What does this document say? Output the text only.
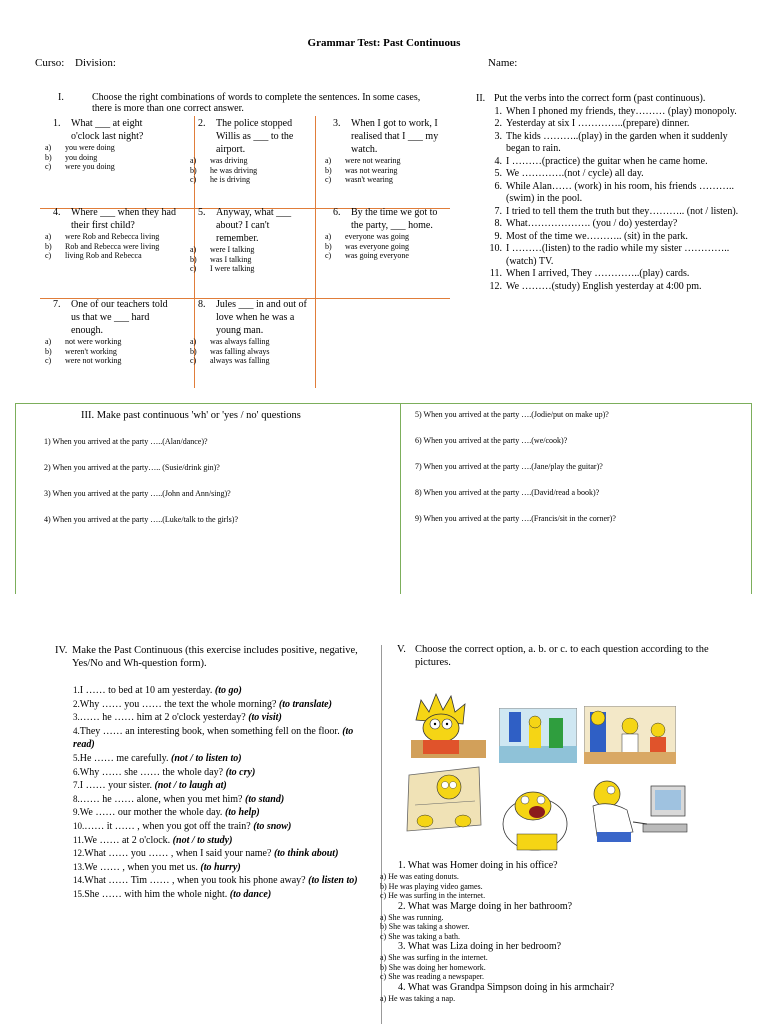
Grammar Test: Past Continuous
Curso: Division:	Name:
I.	Choose the right combinations of words to complete the sentences. In some cases, there is more than one correct answer.
1.	What ___ at eight o'clock last night?
a)	you were doing
b)	you doing
c)	were you doing
2.	The police stopped Willis as ___ to the airport.
a)	was driving
b)	he was driving
c)	he is driving
3.	When I got to work, I realised that I ___ my watch.
a)	were not wearing
b)	was not wearing
c)	wasn't wearing
4.	Where ___ when they had their first child?
a)	were Rob and Rebecca living
b)	Rob and Rebecca were living
c)	living Rob and Rebecca
5.	Anyway, what ___ about? I can't remember.
a)	were I talking
b)	was I talking
c)	I were talking
6.	By the time we got to the party, ___ home.
a)	everyone was going
b)	was everyone going
c)	was going everyone
7.	One of our teachers told us that we ___ hard enough.
a)	not were working
b)	weren't working
c)	were not working
8.	Jules ___ in and out of love when he was a young man.
a)	was always falling
b)	was falling always
c)	always was falling
II. Put the verbs into the correct form (past continuous).
1. When I phoned my friends, they……… (play) monopoly.
2. Yesterday at six I …………..(prepare) dinner.
3. The kids ………..(play) in the garden when it suddenly began to rain.
4. I ………(practice) the guitar when he came home.
5. We ………….(not / cycle) all day.
6. While Alan…… (work) in his room, his friends ………..(swim) in the pool.
7. I tried to tell them the truth but they……….. (not / listen).
8. What………………. (you / do) yesterday?
9. Most of the time we……….. (sit) in the park.
10. I ………(listen) to the radio while my sister …………..(watch) TV.
11. When I arrived, They …………..(play) cards.
12. We ………(study) English yesterday at 4:00 pm.
III. Make past continuous 'wh' or 'yes / no' questions
1) When you arrived at the party …..(Alan/dance)?
2) When you arrived at the party….. (Susie/drink gin)?
3) When you arrived at the party …..(John and Ann/sing)?
4) When you arrived at the party …..(Luke/talk to the girls)?
5) When you arrived at the party ….(Jodie/put on make up)?
6) When you arrived at the party ….(we/cook)?
7) When you arrived at the party ….(Jane/play the guitar)?
8) When you arrived at the party ….(David/read a book)?
9) When you arrived at the party ….(Francis/sit in the corner)?
IV. Make the Past Continuous (this exercise includes positive, negative, Yes/No and Wh-question form).
1.I …… to bed at 10 am yesterday. (to go)
2.Why …… you …… the text the whole morning? (to translate)
3.…… he …… him at 2 o'clock yesterday? (to visit)
4.They …… an interesting book, when something fell on the floor. (to read)
5.He …… me carefully. (not / to listen to)
6.Why …… she …… the whole day? (to cry)
7.I …… your sister. (not / to laugh at)
8.…… he …… alone, when you met him? (to stand)
9.We …… our mother the whole day. (to help)
10.…… it …… , when you got off the train? (to snow)
11.We …… at 2 o'clock. (not / to study)
12.What …… you …… , when I said your name? (to think about)
13.We …… , when you met us. (to hurry)
14.What …… Tim …… , when you took his phone away? (to listen to)
15.She …… with him the whole night. (to dance)
V. Choose the correct option, a. b. or c. to each question according to the pictures.
1. What was Homer doing in his office?
a) He was eating donuts.
b) He was playing video games.
c) He was surfing in the internet.
2. What was Marge doing in her bathroom?
a) She was running.
b) She was taking a shower.
c) She was taking a bath.
3. What was Liza doing in her bedroom?
a) She was surfing in the internet.
b) She was doing her homework.
c) She was reading a newspaper.
4. What was Grandpa Simpson doing in his armchair?
a) He was taking a nap.
